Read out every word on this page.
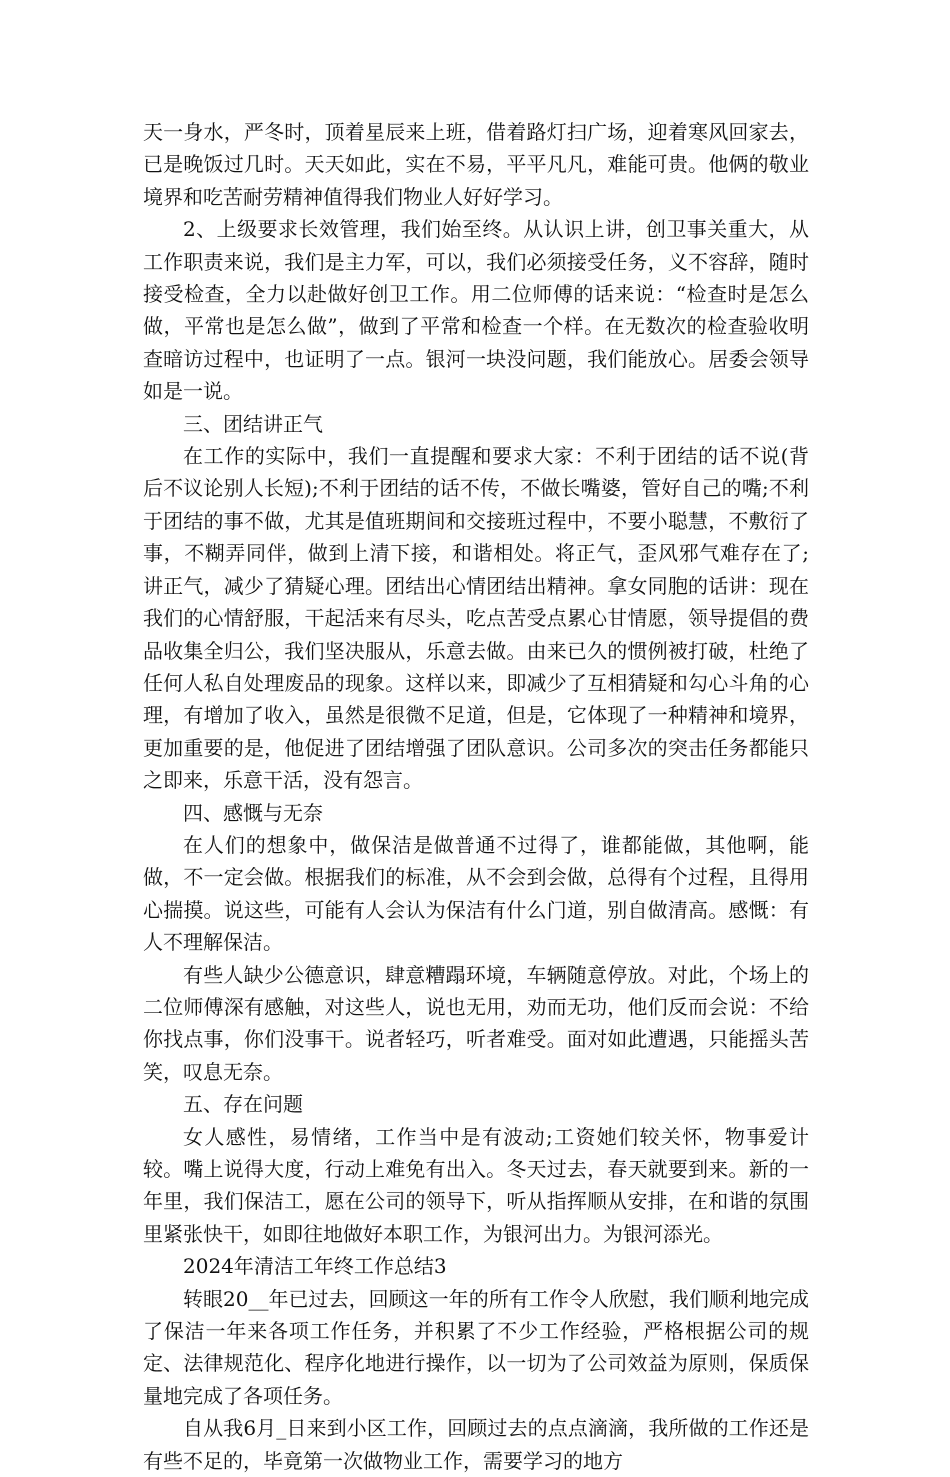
天一身水，严冬时，顶着星辰来上班，借着路灯扫广场，迎着寒风回家去，已是晚饭过几时。天天如此，实在不易，平平凡凡，难能可贵。他俩的敬业境界和吃苦耐劳精神值得我们物业人好好学习。

2、上级要求长效管理，我们始至终。从认识上讲，创卫事关重大，从工作职责来说，我们是主力军，可以，我们必须接受任务，义不容辞，随时接受检查，全力以赴做好创卫工作。用二位师傅的话来说：“检查时是怎么做，平常也是怎么做”，做到了平常和检查一个样。在无数次的检查验收明查暗访过程中，也证明了一点。银河一块没问题，我们能放心。居委会领导如是一说。

三、团结讲正气

在工作的实际中，我们一直提醒和要求大家：不利于团结的话不说(背后不议论别人长短);不利于团结的话不传，不做长嘴婆，管好自己的嘴;不利于团结的事不做，尤其是值班期间和交接班过程中，不要小聪慧，不敷衍了事，不糊弄同伴，做到上清下接，和谐相处。将正气，歪风邪气难存在了;讲正气，减少了猜疑心理。团结出心情团结出精神。拿女同胞的话讲：现在我们的心情舒服，干起活来有尽头，吃点苦受点累心甘情愿，领导提倡的费品收集全归公，我们坚决服从，乐意去做。由来已久的惯例被打破，杜绝了任何人私自处理废品的现象。这样以来，即减少了互相猜疑和勾心斗角的心理，有增加了收入，虽然是很微不足道，但是，它体现了一种精神和境界，更加重要的是，他促进了团结增强了团队意识。公司多次的突击任务都能只之即来，乐意干活，没有怨言。

四、感慨与无奈

在人们的想象中，做保洁是做普通不过得了，谁都能做，其他啊，能做，不一定会做。根据我们的标准，从不会到会做，总得有个过程，且得用心揣摸。说这些，可能有人会认为保洁有什么门道，别自做清高。感慨：有人不理解保洁。

有些人缺少公德意识，肆意糟蹋环境，车辆随意停放。对此，个场上的二位师傅深有感触，对这些人，说也无用，劝而无功，他们反而会说：不给你找点事，你们没事干。说者轻巧，听者难受。面对如此遭遇，只能摇头苦笑，叹息无奈。

五、存在问题

女人感性，易情绪，工作当中是有波动;工资她们较关怀，物事爱计较。嘴上说得大度，行动上难免有出入。冬天过去，春天就要到来。新的一年里，我们保洁工，愿在公司的领导下，听从指挥顺从安排，在和谐的氛围里紧张快干，如即往地做好本职工作，为银河出力。为银河添光。

2024年清洁工年终工作总结3

转眼20__年已过去，回顾这一年的所有工作令人欣慰，我们顺利地完成了保洁一年来各项工作任务，并积累了不少工作经验，严格根据公司的规定、法律规范化、程序化地进行操作，以一切为了公司效益为原则，保质保量地完成了各项任务。

自从我6月_日来到小区工作，回顾过去的点点滴滴，我所做的工作还是有些不足的，毕竟第一次做物业工作，需要学习的地方
